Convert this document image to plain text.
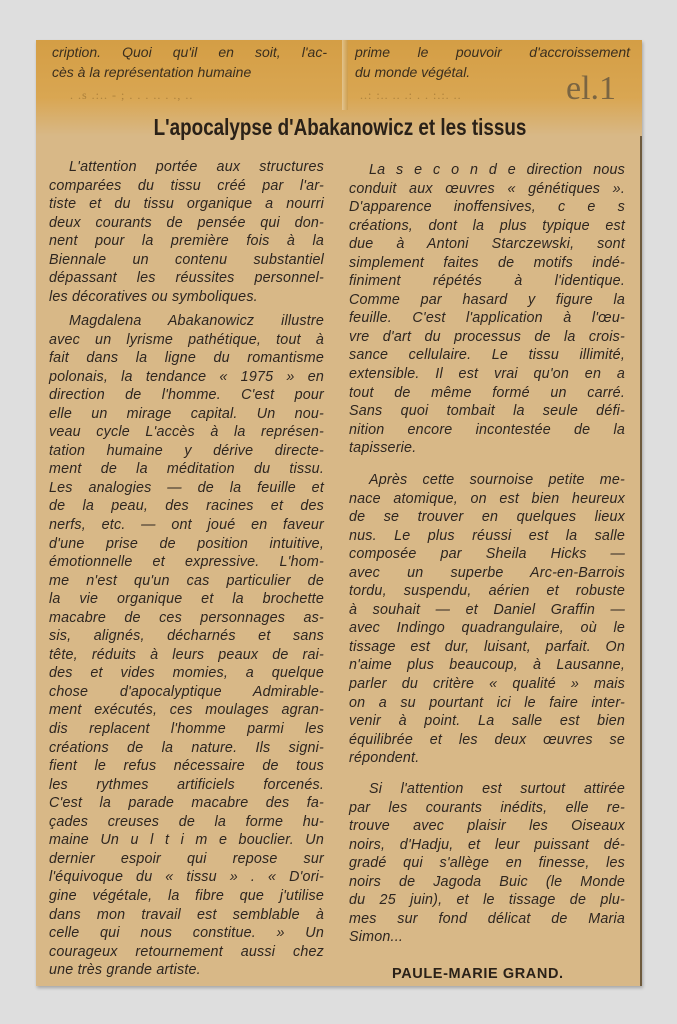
. .s .:.. - ; . . . .. . ., ..	..: :.. .. .: . . :.:. ..
cription. Quoi qu'il en soit, l'ac-
cès à la représentation humaine
prime le pouvoir d'accroissement
du monde végétal.	el.1
L'apocalypse d'Abakanowicz et les tissus
L'attention portée aux structures
comparées du tissu créé par l'ar-
tiste et du tissu organique a nourri
deux courants de pensée qui don-
nent pour la première fois à la
Biennale un contenu substantiel
dépassant les réussites personnel-
les décoratives ou symboliques.
Magdalena Abakanowicz illustre
avec un lyrisme pathétique, tout à
fait dans la ligne du romantisme
polonais, la tendance « 1975 » en
direction de l'homme. C'est pour
elle un mirage capital. Un nou-
veau cycle L'accès à la représen-
tation humaine y dérive directe-
ment de la méditation du tissu.
Les analogies — de la feuille et
de la peau, des racines et des
nerfs, etc. — ont joué en faveur
d'une prise de position intuitive,
émotionnelle et expressive. L'hom-
me n'est qu'un cas particulier de
la vie organique et la brochette
macabre de ces personnages as-
sis, alignés, décharnés et sans
tête, réduits à leurs peaux de rai-
des et vides momies, a quelque
chose d'apocalyptique Admirable-
ment exécutés, ces moulages agran-
dis replacent l'homme parmi les
créations de la nature. Ils signi-
fient le refus nécessaire de tous
les rythmes artificiels forcenés.
C'est la parade macabre des fa-
çades creuses de la forme hu-
maine Un u l t i m e bouclier. Un
dernier espoir qui repose sur
l'équivoque du « tissu » . « D'ori-
gine végétale, la fibre que j'utilise
dans mon travail est semblable à
celle qui nous constitue. » Un
courageux retournement aussi chez
une très grande artiste.
La s e c o n d e direction nous
conduit aux œuvres « génétiques ».
D'apparence inoffensives, c e s
créations, dont la plus typique est
due à Antoni Starczewski, sont
simplement faites de motifs indé-
finiment répétés à l'identique.
Comme par hasard y figure la
feuille. C'est l'application à l'œu-
vre d'art du processus de la crois-
sance cellulaire. Le tissu illimité,
extensible. Il est vrai qu'on en a
tout de même formé un carré.
Sans quoi tombait la seule défi-
nition encore incontestée de la
tapisserie.
Après cette sournoise petite me-
nace atomique, on est bien heureux
de se trouver en quelques lieux
nus. Le plus réussi est la salle
composée par Sheila Hicks —
avec un superbe Arc-en-Barrois
tordu, suspendu, aérien et robuste
à souhait — et Daniel Graffin —
avec Indingo quadrangulaire, où le
tissage est dur, luisant, parfait. On
n'aime plus beaucoup, à Lausanne,
parler du critère « qualité » mais
on a su pourtant ici le faire inter-
venir à point. La salle est bien
équilibrée et les deux œuvres se
répondent.
Si l'attention est surtout attirée
par les courants inédits, elle re-
trouve avec plaisir les Oiseaux
noirs, d'Hadju, et leur puissant dé-
gradé qui s'allège en finesse, les
noirs de Jagoda Buic (le Monde
du 25 juin), et le tissage de plu-
mes sur fond délicat de Maria
Simon...
PAULE-MARIE GRAND.
